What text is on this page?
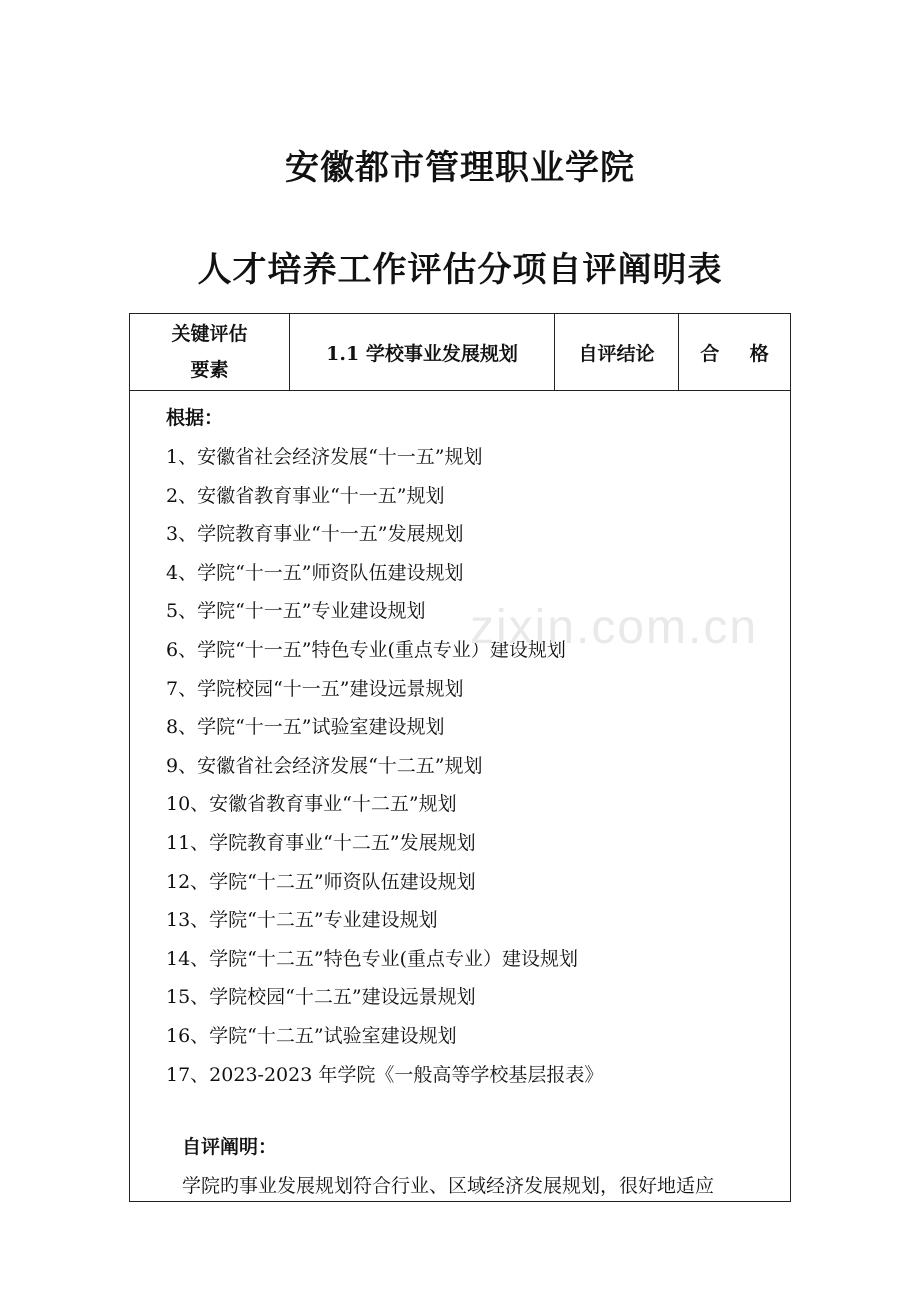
安徽都市管理职业学院
人才培养工作评估分项自评阐明表
关键评估
要素
1.1 学校事业发展规划	自评结论	合 格
根据：
1、安徽省社会经济发展“十一五”规划
2、安徽省教育事业“十一五”规划
3、学院教育事业“十一五”发展规划
4、学院“十一五”师资队伍建设规划
5、学院“十一五”专业建设规划
6、学院“十一五”特色专业(重点专业）建设规划
7、学院校园“十一五”建设远景规划
8、学院“十一五”试验室建设规划
9、安徽省社会经济发展“十二五”规划
10、安徽省教育事业“十二五”规划
11、学院教育事业“十二五”发展规划
12、学院“十二五”师资队伍建设规划
13、学院“十二五”专业建设规划
14、学院“十二五”特色专业(重点专业）建设规划
15、学院校园“十二五”建设远景规划
16、学院“十二五”试验室建设规划
17、2023-2023 年学院《一般高等学校基层报表》
自评阐明：
学院旳事业发展规划符合行业、区域经济发展规划，很好地适应
zixin.com.cn
